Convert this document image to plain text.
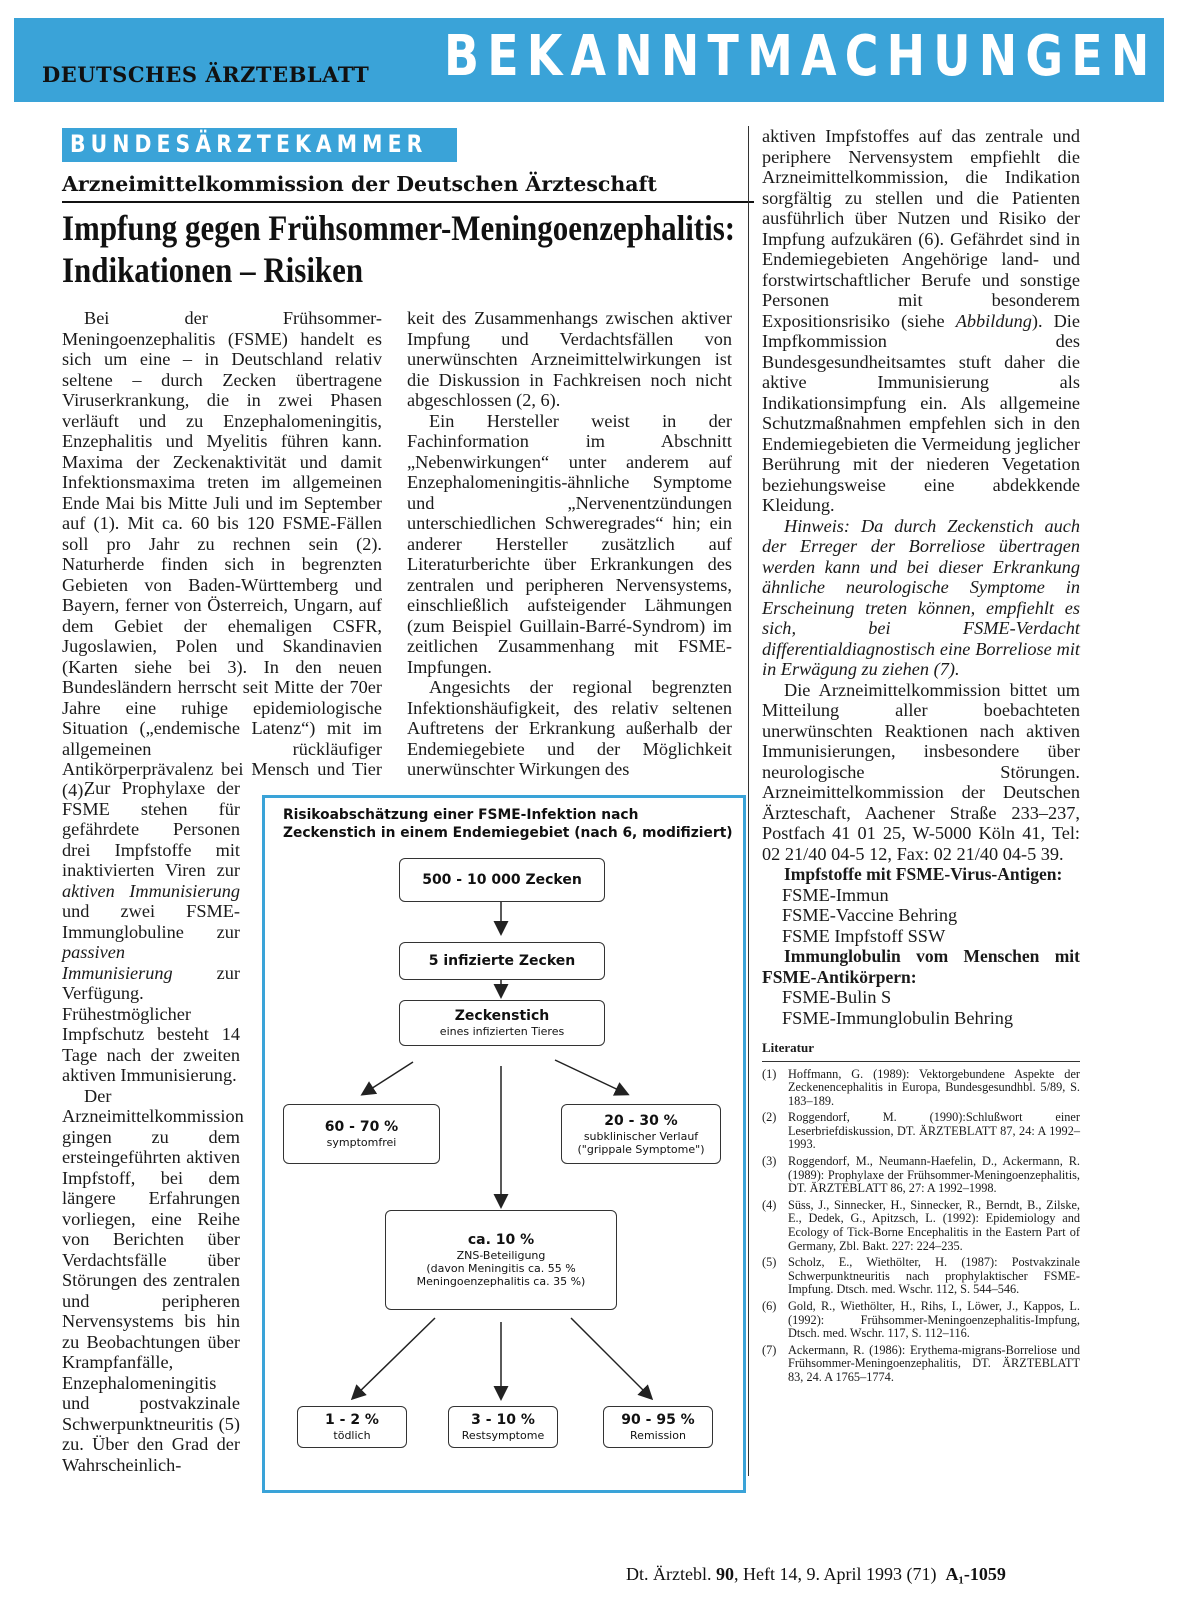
DEUTSCHES ÄRZTEBLATT BEKANNTMACHUNGEN
BUNDESÄRZTEKAMMER
Arzneimittelkommission der Deutschen Ärzteschaft
Impfung gegen Frühsommer-Meningoenzephalitis:
Indikationen – Risiken

Bei der Frühsommer-Meningoenzephalitis (FSME) handelt es sich um eine – in Deutschland relativ seltene – durch Zecken übertragene Viruserkrankung, die in zwei Phasen verläuft und zu Enzephalomeningitis, Enzephalitis und Myelitis führen kann. Maxima der Zeckenaktivität und damit Infektionsmaxima treten im allgemeinen Ende Mai bis Mitte Juli und im September auf (1). Mit ca. 60 bis 120 FSME-Fällen soll pro Jahr zu rechnen sein (2). Naturherde finden sich in begrenzten Gebieten von Baden-Württemberg und Bayern, ferner von Österreich, Ungarn, auf dem Gebiet der ehemaligen CSFR, Jugoslawien, Polen und Skandinavien (Karten siehe bei 3). In den neuen Bundesländern herrscht seit Mitte der 70er Jahre eine ruhige epidemiologische Situation („endemische Latenz“) mit im allgemeinen rückläufiger Antikörperprävalenz bei Mensch und Tier (4).

Zur Prophylaxe der FSME stehen für gefährdete Personen drei Impfstoffe mit inaktivierten Viren zur aktiven Immunisierung und zwei FSME-Immunglobuline zur passiven Immunisierung zur Verfügung. Frühestmöglicher Impfschutz besteht 14 Tage nach der zweiten aktiven Immunisierung.

Der Arzneimittelkommission gingen zu dem ersteingeführten aktiven Impfstoff, bei dem längere Erfahrungen vorliegen, eine Reihe von Berichten über Verdachtsfälle über Störungen des zentralen und peripheren Nervensystems bis hin zu Beobachtungen über Krampfanfälle, Enzephalomeningitis und postvakzinale Schwerpunktneuritis (5) zu. Über den Grad der Wahrscheinlich-

keit des Zusammenhangs zwischen aktiver Impfung und Verdachtsfällen von unerwünschten Arzneimittelwirkungen ist die Diskussion in Fachkreisen noch nicht abgeschlossen (2, 6).

Ein Hersteller weist in der Fachinformation im Abschnitt „Nebenwirkungen“ unter anderem auf Enzephalomeningitis-ähnliche Symptome und „Nervenentzündungen unterschiedlichen Schweregrades“ hin; ein anderer Hersteller zusätzlich auf Literaturberichte über Erkrankungen des zentralen und peripheren Nervensystems, einschließlich aufsteigender Lähmungen (zum Beispiel Guillain-Barré-Syndrom) im zeitlichen Zusammenhang mit FSME-Impfungen.

Angesichts der regional begrenzten Infektionshäufigkeit, des relativ seltenen Auftretens der Erkrankung außerhalb der Endemiegebiete und der Möglichkeit unerwünschter Wirkungen des

aktiven Impfstoffes auf das zentrale und periphere Nervensystem empfiehlt die Arzneimittelkommission, die Indikation sorgfältig zu stellen und die Patienten ausführlich über Nutzen und Risiko der Impfung aufzukären (6). Gefährdet sind in Endemiegebieten Angehörige land- und forstwirtschaftlicher Berufe und sonstige Personen mit besonderem Expositionsrisiko (siehe Abbildung). Die Impfkommission des Bundesgesundheitsamtes stuft daher die aktive Immunisierung als Indikationsimpfung ein. Als allgemeine Schutzmaßnahmen empfehlen sich in den Endemiegebieten die Vermeidung jeglicher Berührung mit der niederen Vegetation beziehungsweise eine abdekkende Kleidung.

Hinweis: Da durch Zeckenstich auch der Erreger der Borreliose übertragen werden kann und bei dieser Erkrankung ähnliche neurologische Symptome in Erscheinung treten können, empfiehlt es sich, bei FSME-Verdacht differentialdiagnostisch eine Borreliose mit in Erwägung zu ziehen (7).

Die Arzneimittelkommission bittet um Mitteilung aller boebachteten unerwünschten Reaktionen nach aktiven Immunisierungen, insbesondere über neurologische Störungen. Arzneimittelkommission der Deutschen Ärzteschaft, Aachener Straße 233–237, Postfach 41 01 25, W-5000 Köln 41, Tel: 02 21/40 04-5 12, Fax: 02 21/40 04-5 39.

Impfstoffe mit FSME-Virus-Antigen:

FSME-Immun
FSME-Vaccine Behring
FSME Impfstoff SSW

Immunglobulin vom Menschen mit FSME-Antikörpern:

FSME-Bulin S
FSME-Immunglobulin Behring
Literatur
(1) Hoffmann, G. (1989): Vektorgebundene Aspekte der Zeckenencephalitis in Europa, Bundesgesundhbl. 5/89, S. 183–189.
(2) Roggendorf, M. (1990):Schlußwort einer Leserbriefdiskussion, DT. ÄRZTEBLATT 87, 24: A 1992–1993.
(3) Roggendorf, M., Neumann-Haefelin, D., Ackermann, R. (1989): Prophylaxe der Frühsommer-Meningoenzephalitis, DT. ÄRZTEBLATT 86, 27: A 1992–1998.
(4) Süss, J., Sinnecker, H., Sinnecker, R., Berndt, B., Zilske, E., Dedek, G., Apitzsch, L. (1992): Epidemiology and Ecology of Tick-Borne Encephalitis in the Eastern Part of Germany, Zbl. Bakt. 227: 224–235.
(5) Scholz, E., Wiethölter, H. (1987): Postvakzinale Schwerpunktneuritis nach prophylaktischer FSME-Impfung. Dtsch. med. Wschr. 112, S. 544–546.
(6) Gold, R., Wiethölter, H., Rihs, I., Löwer, J., Kappos, L. (1992): Frühsommer-Meningoenzephalitis-Impfung, Dtsch. med. Wschr. 117, S. 112–116.
(7) Ackermann, R. (1986): Erythema-migrans-Borreliose und Frühsommer-Meningoenzephalitis, DT. ÄRZTEBLATT 83, 24. A 1765–1774.
Risikoabschätzung einer FSME-Infektion nach Zeckenstich in einem Endemiegebiet (nach 6, modifiziert)
500 - 10 000 Zecken
5 infizierte Zecken
Zeckenstich
eines infizierten Tieres
60 - 70 %
symptomfrei
20 - 30 %
subklinischer Verlauf
("grippale Symptome")
ca. 10 %
ZNS-Beteiligung
(davon Meningitis ca. 55 %
Meningoenzephalitis ca. 35 %)
1 - 2 %
tödlich
3 - 10 %
Restsymptome
90 - 95 %
Remission
Dt. Ärztebl. 90, Heft 14, 9. April 1993 (71) A₁-1059
